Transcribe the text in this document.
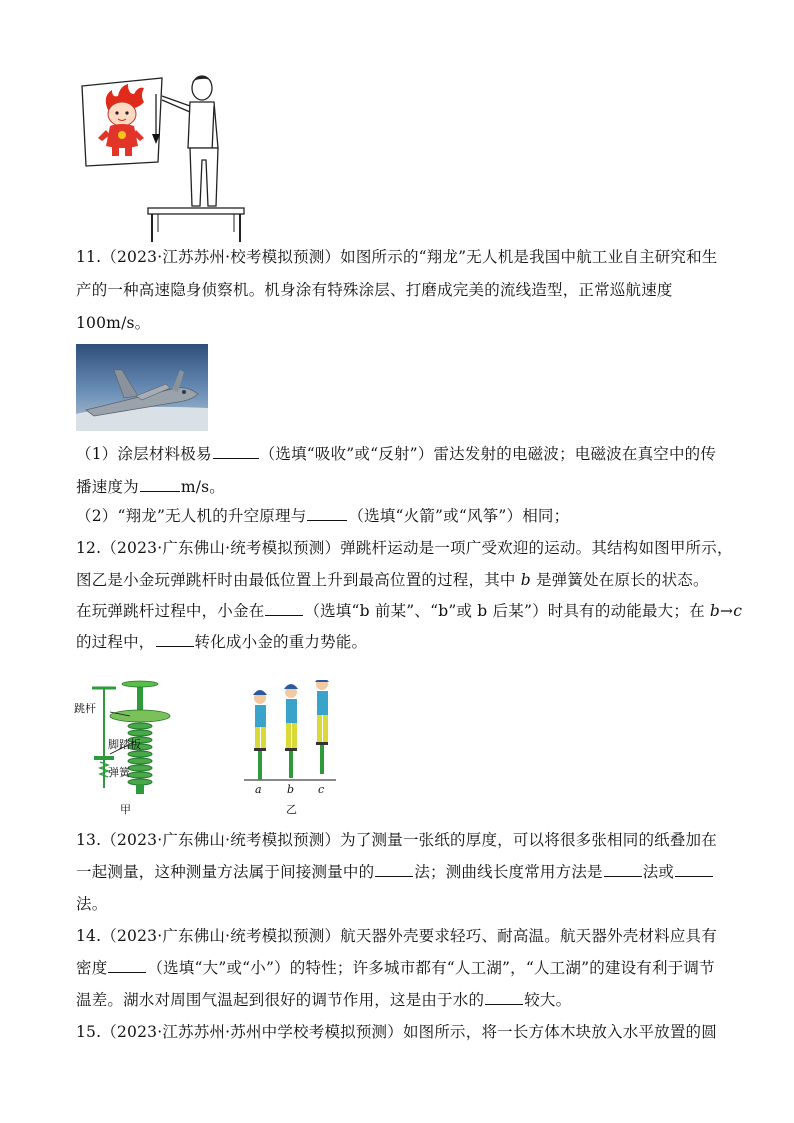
11.（2023·江苏苏州·校考模拟预测）如图所示的“翔龙”无人机是我国中航工业自主研究和生
产的一种高速隐身侦察机。机身涂有特殊涂层、打磨成完美的流线造型，正常巡航速度
100m/s。
（1）涂层材料极易	（选填“吸收”或“反射”）雷达发射的电磁波；电磁波在真空中的传
播速度为	m/s。
（2）“翔龙”无人机的升空原理与	（选填“火箭”或“风筝”）相同；
12.（2023·广东佛山·统考模拟预测）弹跳杆运动是一项广受欢迎的运动。其结构如图甲所示，
图乙是小金玩弹跳杆时由最低位置上升到最高位置的过程，其中 b 是弹簧处在原长的状态。
在玩弹跳杆过程中，小金在	（选填“b 前某”、“b”或 b 后某”）时具有的动能最大；在 b→c
的过程中，	转化成小金的重力势能。
跳杆
脚踏板
弹簧
甲
a b c
乙
13.（2023·广东佛山·统考模拟预测）为了测量一张纸的厚度，可以将很多张相同的纸叠加在
一起测量，这种测量方法属于间接测量中的	法；测曲线长度常用方法是	法或
法。
14.（2023·广东佛山·统考模拟预测）航天器外壳要求轻巧、耐高温。航天器外壳材料应具有
密度	（选填“大”或“小”）的特性；许多城市都有“人工湖”，“人工湖”的建设有利于调节
温差。湖水对周围气温起到很好的调节作用，这是由于水的	较大。
15.（2023·江苏苏州·苏州中学校考模拟预测）如图所示，将一长方体木块放入水平放置的圆
